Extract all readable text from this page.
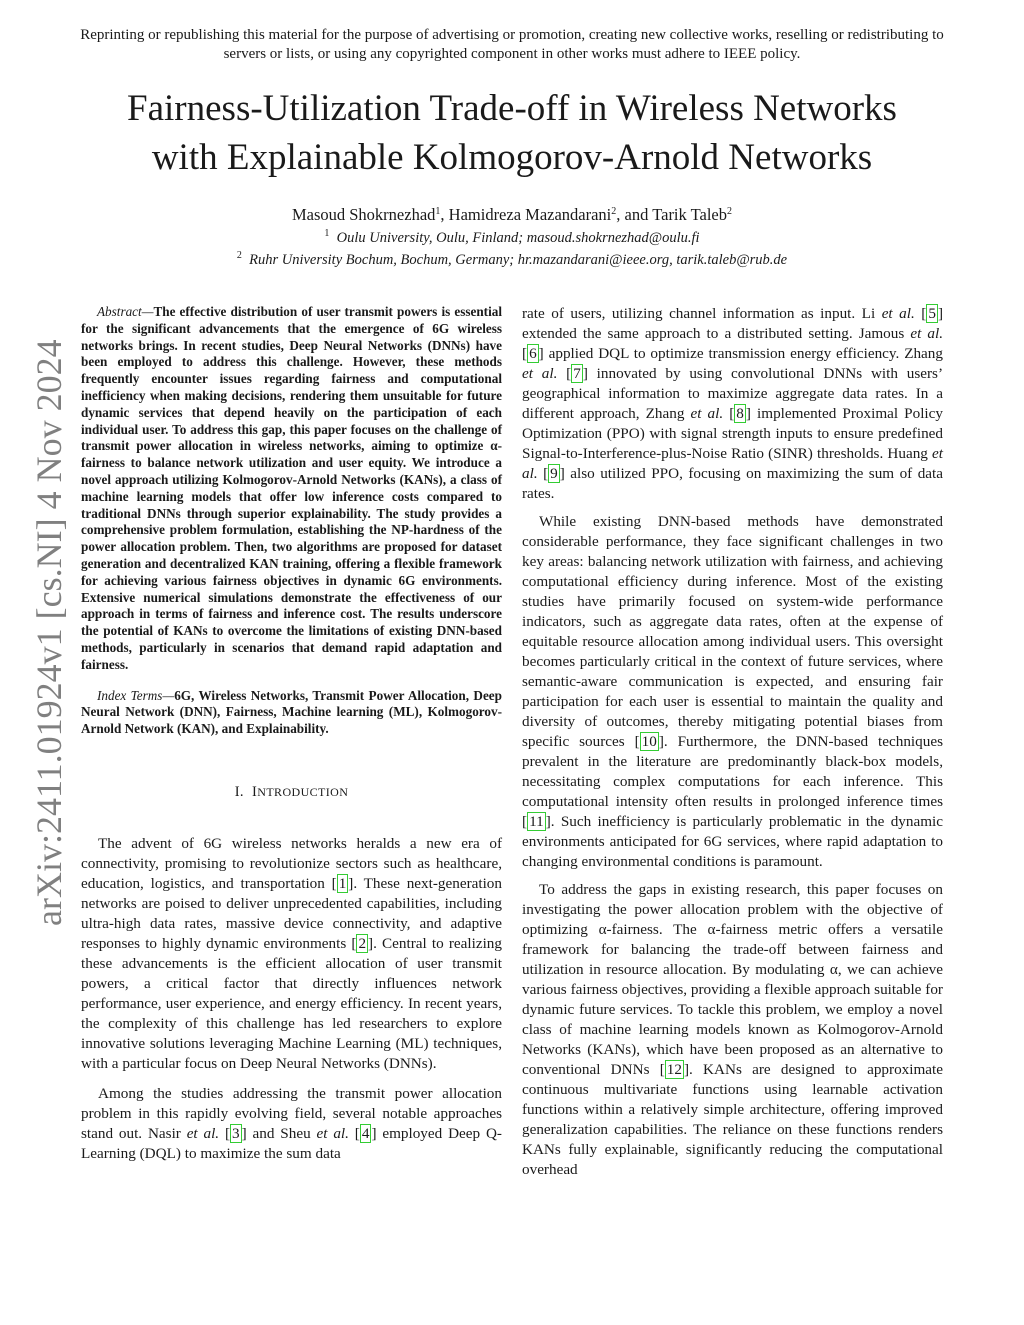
Reprinting or republishing this material for the purpose of advertising or promotion, creating new collective works, reselling or redistributing to servers or lists, or using any copyrighted component in other works must adhere to IEEE policy.
Fairness-Utilization Trade-off in Wireless Networks
with Explainable Kolmogorov-Arnold Networks
Masoud Shokrnezhad$^1$, Hamidreza Mazandarani$^2$, and Tarik Taleb$^2$
$^1$ Oulu University, Oulu, Finland; masoud.shokrnezhad@oulu.fi
$^2$ Ruhr University Bochum, Bochum, Germany; hr.mazandarani@ieee.org, tarik.taleb@rub.de
arXiv:2411.01924v1 [cs.NI] 4 Nov 2024

Abstract—The effective distribution of user transmit powers is essential for the significant advancements that the emergence of 6G wireless networks brings. In recent studies, Deep Neural Networks (DNNs) have been employed to address this challenge. However, these methods frequently encounter issues regarding fairness and computational inefficiency when making decisions, rendering them unsuitable for future dynamic services that depend heavily on the participation of each individual user. To address this gap, this paper focuses on the challenge of transmit power allocation in wireless networks, aiming to optimize α-fairness to balance network utilization and user equity. We introduce a novel approach utilizing Kolmogorov-Arnold Networks (KANs), a class of machine learning models that offer low inference costs compared to traditional DNNs through superior explainability. The study provides a comprehensive problem formulation, establishing the NP-hardness of the power allocation problem. Then, two algorithms are proposed for dataset generation and decentralized KAN training, offering a flexible framework for achieving various fairness objectives in dynamic 6G environments. Extensive numerical simulations demonstrate the effectiveness of our approach in terms of fairness and inference cost. The results underscore the potential of KANs to overcome the limitations of existing DNN-based methods, particularly in scenarios that demand rapid adaptation and fairness.

Index Terms—6G, Wireless Networks, Transmit Power Allocation, Deep Neural Network (DNN), Fairness, Machine learning (ML), Kolmogorov-Arnold Network (KAN), and Explainability.

I. INTRODUCTION

The advent of 6G wireless networks heralds a new era of connectivity, promising to revolutionize sectors such as healthcare, education, logistics, and transportation [ 1 ]. These next-generation networks are poised to deliver unprecedented capabilities, including ultra-high data rates, massive device connectivity, and adaptive responses to highly dynamic environments [ 2 ]. Central to realizing these advancements is the efficient allocation of user transmit powers, a critical factor that directly influences network performance, user experience, and energy efficiency. In recent years, the complexity of this challenge has led researchers to explore innovative solutions leveraging Machine Learning (ML) techniques, with a particular focus on Deep Neural Networks (DNNs).

Among the studies addressing the transmit power allocation problem in this rapidly evolving field, several notable approaches stand out. Nasir et al. [ 3 ] and Sheu et al. [ 4 ] employed Deep Q-Learning (DQL) to maximize the sum data

rate of users, utilizing channel information as input. Li et al. [ 5 ] extended the same approach to a distributed setting. Jamous et al. [ 6 ] applied DQL to optimize transmission energy efficiency. Zhang et al. [ 7 ] innovated by using convolutional DNNs with users’ geographical information to maximize aggregate data rates. In a different approach, Zhang et al. [ 8 ] implemented Proximal Policy Optimization (PPO) with signal strength inputs to ensure predefined Signal-to-Interference-plus-Noise Ratio (SINR) thresholds. Huang et al. [ 9 ] also utilized PPO, focusing on maximizing the sum of data rates.

While existing DNN-based methods have demonstrated considerable performance, they face significant challenges in two key areas: balancing network utilization with fairness, and achieving computational efficiency during inference. Most of the existing studies have primarily focused on system-wide performance indicators, such as aggregate data rates, often at the expense of equitable resource allocation among individual users. This oversight becomes particularly critical in the context of future services, where semantic-aware communication is expected, and ensuring fair participation for each user is essential to maintain the quality and diversity of outcomes, thereby mitigating potential biases from specific sources [ 10 ]. Furthermore, the DNN-based techniques prevalent in the literature are predominantly black-box models, necessitating complex computations for each inference. This computational intensity often results in prolonged inference times [ 11 ]. Such inefficiency is particularly problematic in the dynamic environments anticipated for 6G services, where rapid adaptation to changing environmental conditions is paramount.

To address the gaps in existing research, this paper focuses on investigating the power allocation problem with the objective of optimizing α-fairness. The α-fairness metric offers a versatile framework for balancing the trade-off between fairness and utilization in resource allocation. By modulating α, we can achieve various fairness objectives, providing a flexible approach suitable for dynamic future services. To tackle this problem, we employ a novel class of machine learning models known as Kolmogorov-Arnold Networks (KANs), which have been proposed as an alternative to conventional DNNs [ 12 ]. KANs are designed to approximate continuous multivariate functions using learnable activation functions within a relatively simple architecture, offering improved generalization capabilities. The reliance on these functions renders KANs fully explainable, significantly reducing the computational overhead
